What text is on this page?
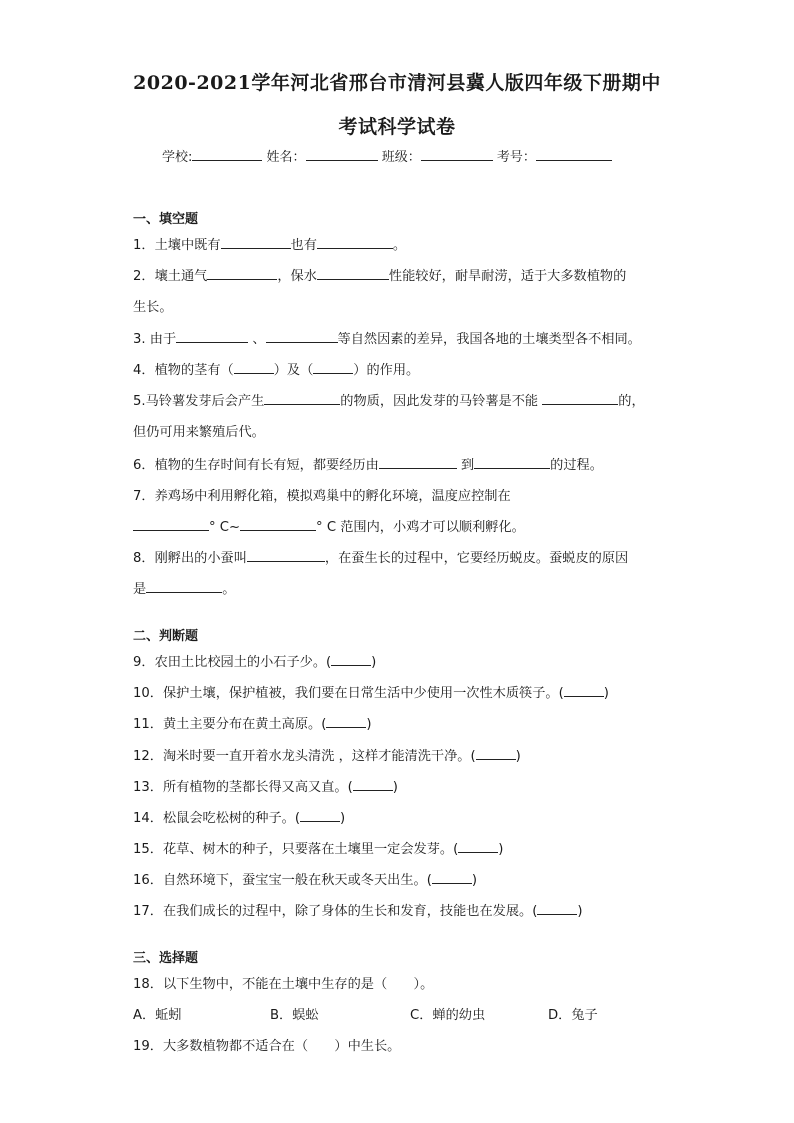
2020-2021学年河北省邢台市清河县冀人版四年级下册期中
考试科学试卷
学校:	姓名：	班级：	考号：
一、填空题
1．土壤中既有	也有	。
2．壤土通气	，保水	性能较好，耐旱耐涝，适于大多数植物的
生长。
3. 由于	、	等自然因素的差异，我国各地的土壤类型各不相同。
4．植物的茎有（	）及（	）的作用。
5.马铃薯发芽后会产生	的物质，因此发芽的马铃薯是不能	的，
但仍可用来繁殖后代。
6．植物的生存时间有长有短，都要经历由	到	的过程。
7．养鸡场中利用孵化箱，模拟鸡巢中的孵化环境，温度应控制在
° C~	° C 范围内，小鸡才可以顺利孵化。
8．刚孵出的小蚕叫	，在蚕生长的过程中，它要经历蜕皮。蚕蜕皮的原因
是	。
二、判断题
9．农田土比校园土的小石子少。(	)
10．保护土壤，保护植被，我们要在日常生活中少使用一次性木质筷子。(	)
11．黄土主要分布在黄土高原。(	)
12．淘米时要一直开着水龙头清洗 ，这样才能清洗干净。(	)
13．所有植物的茎都长得又高又直。(	)
14．松鼠会吃松树的种子。(	)
15．花草、树木的种子，只要落在土壤里一定会发芽。(	)
16．自然环境下，蚕宝宝一般在秋天或冬天出生。(	)
17．在我们成长的过程中，除了身体的生长和发育，技能也在发展。(	)
三、选择题
18．以下生物中，不能在土壤中生存的是（　　）。
A．蚯蚓	B．蜈蚣	C．蝉的幼虫	D．兔子
19．大多数植物都不适合在（　　）中生长。
